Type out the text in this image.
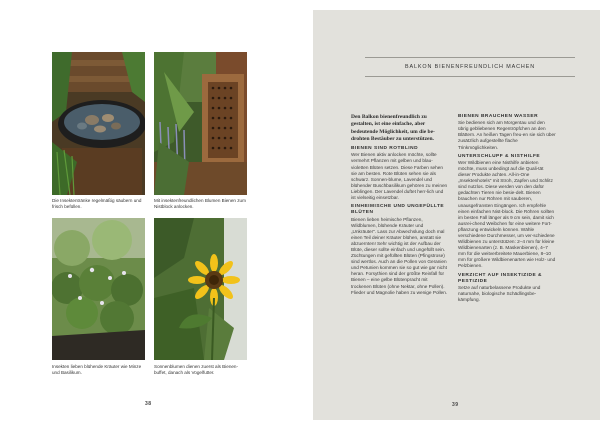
Die Insektentränke regelmäßig säubern und frisch befüllen.
Mit insektenfreundlichen Blumen Bienen zum Nistblock anlocken.
Insekten lieben blühende Kräuter wie Minze und Basilikum.
Sonnenblumen dienen zuerst als Bienen-buffet, danach als Vogelfutter.
38
BALKON BIENENFREUNDLICH MACHEN
Den Balkon bienenfreundlich zu gestalten, ist eine einfache, aber bedeutende Möglichkeit, um die be-drohten Bestäuber zu unterstützen.
BIENEN SIND ROTBLIND
Wer Bienen aktiv anlocken möchte, sollte vermehrt Pflanzen mit gelben und blau-violetten Blüten setzen. Diese Farben sehen sie am besten. Rote Blüten sehen sie als schwarz. Sonnen-blume, Lavendel und blühender Buschbasilikum gehören zu meinen Lieblingen. Der Lavendel duftet herr-lich und ist vielseitig einsetzbar.
EINHEIMISCHE UND UNGEFÜLLTE BLÜTEN
Bienen lieben heimische Pflanzen, Wildblumen, blühende Kräuter und „Unkräuter". Lass zur Abwechslung doch mal einen Teil deiner Kräuter blühen, anstatt sie abzuernten! Sehr wichtig ist der Aufbau der Blüte, dieser sollte einfach und ungefüllt sein. Züchtungen mit gefüllten Blüten (Pfingstrose) sind wertlos. Auch an die Pollen von Geranien und Petunien kommen sie so gut wie gar nicht heran. Forsythien sind der größte Reinfall für Bienen – eine gelbe Blütenpracht mit trockenen Blüten (ohne Nektar, ohne Pollen). Flieder und Magnolie haben zu wenige Pollen.
BIENEN BRAUCHEN WASSER
Sie bedienen sich am Morgentau und den übrig gebliebenen Regentröpfchen an den Blättern. An heißen Tagen freu-en sie sich über zusätzlich aufgestellte flache Trinkmöglichkeiten.
UNTERSCHLUPF & NISTHILFE
Wer Wildbienen eine Nisthilfe anbieten möchte, muss unbedingt auf die Quali-tät dieser Produkte achten. All-in-One „Insektenhotels" mit Stroh, Zapfen und Schlitz sind nutzlos. Diese werden von den dafür gedachten Tieren nie besie-delt. Bienen brauchen nur Röhren mit sauberen, unausgefransten Eingängen. Ich empfehle einen einfachen Nist-block. Die Röhren sollten im besten Fall länger als 9 cm sein, damit sich ausrei-chend Weibchen für eine weitere Fort-pflanzung entwickeln können. Wähle verschiedene Durchmesser, um ver-schiedene Wildbienen zu unterstützen: 2–4 mm für kleine Wildbienenarten (z. B. Maskenbienen), 4–7 mm für die weitverbreitete Mauerbiene, 8–10 mm für größere Wildbienenarten wie Holz- und Pelzbienen.
VERZICHT AUF INSEKTIZIDE & PESTIZIDE
Setze auf naturbelassene Produkte und naturnahe, biologische Schädlingsbe-kämpfung.
39
